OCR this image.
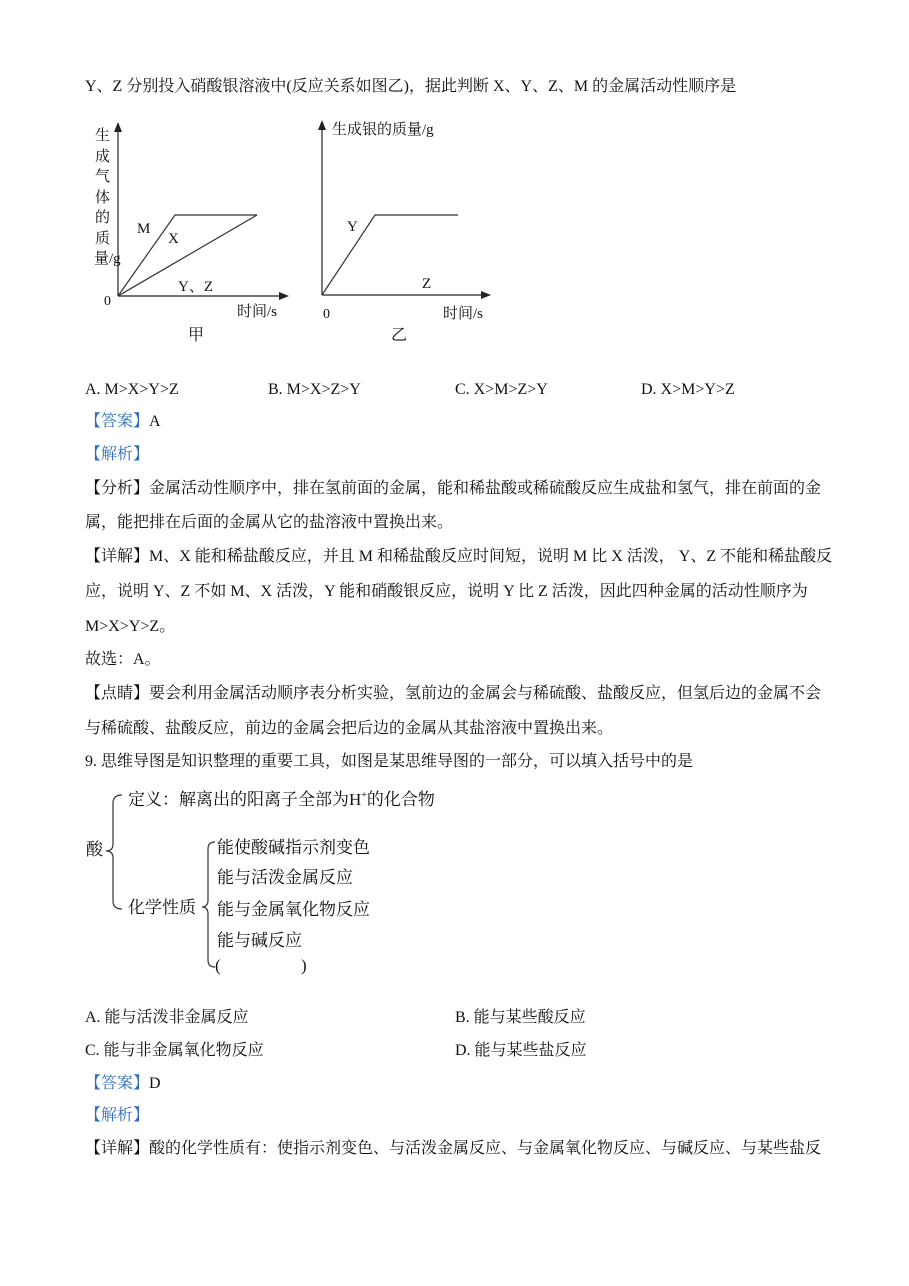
M
X
Y、Z
0
时间/s
甲
生成银的质量/g
Y
Z
0	时间/s
乙
Y、Z 分别投入硝酸银溶液中(反应关系如图乙)，据此判断 X、Y、Z、M 的金属活动性顺序是
生成气体的质量/g
A. M>X>Y>Z	B. M>X>Z>Y	C. X>M>Z>Y	D. X>M>Y>Z
【答案】A
【解析】
【分析】金属活动性顺序中，排在氢前面的金属，能和稀盐酸或稀硫酸反应生成盐和氢气，排在前面的金
属，能把排在后面的金属从它的盐溶液中置换出来。
【详解】M、X 能和稀盐酸反应，并且 M 和稀盐酸反应时间短，说明 M 比 X 活泼， Y、Z 不能和稀盐酸反
应，说明 Y、Z 不如 M、X 活泼，Y 能和硝酸银反应，说明 Y 比 Z 活泼，因此四种金属的活动性顺序为
M>X>Y>Z。
故选：A。
【点睛】要会利用金属活动顺序表分析实验，氢前边的金属会与稀硫酸、盐酸反应，但氢后边的金属不会
与稀硫酸、盐酸反应，前边的金属会把后边的金属从其盐溶液中置换出来。
9. 思维导图是知识整理的重要工具，如图是某思维导图的一部分，可以填入括号中的是
定义：解离出的阳离子全部为H+的化合物
酸
化学性质
能使酸碱指示剂变色
能与活泼金属反应
能与金属氧化物反应
能与碱反应
(	)
A. 能与活泼非金属反应	B. 能与某些酸反应
C. 能与非金属氧化物反应	D. 能与某些盐反应
【答案】D
【解析】
【详解】酸的化学性质有：使指示剂变色、与活泼金属反应、与金属氧化物反应、与碱反应、与某些盐反
